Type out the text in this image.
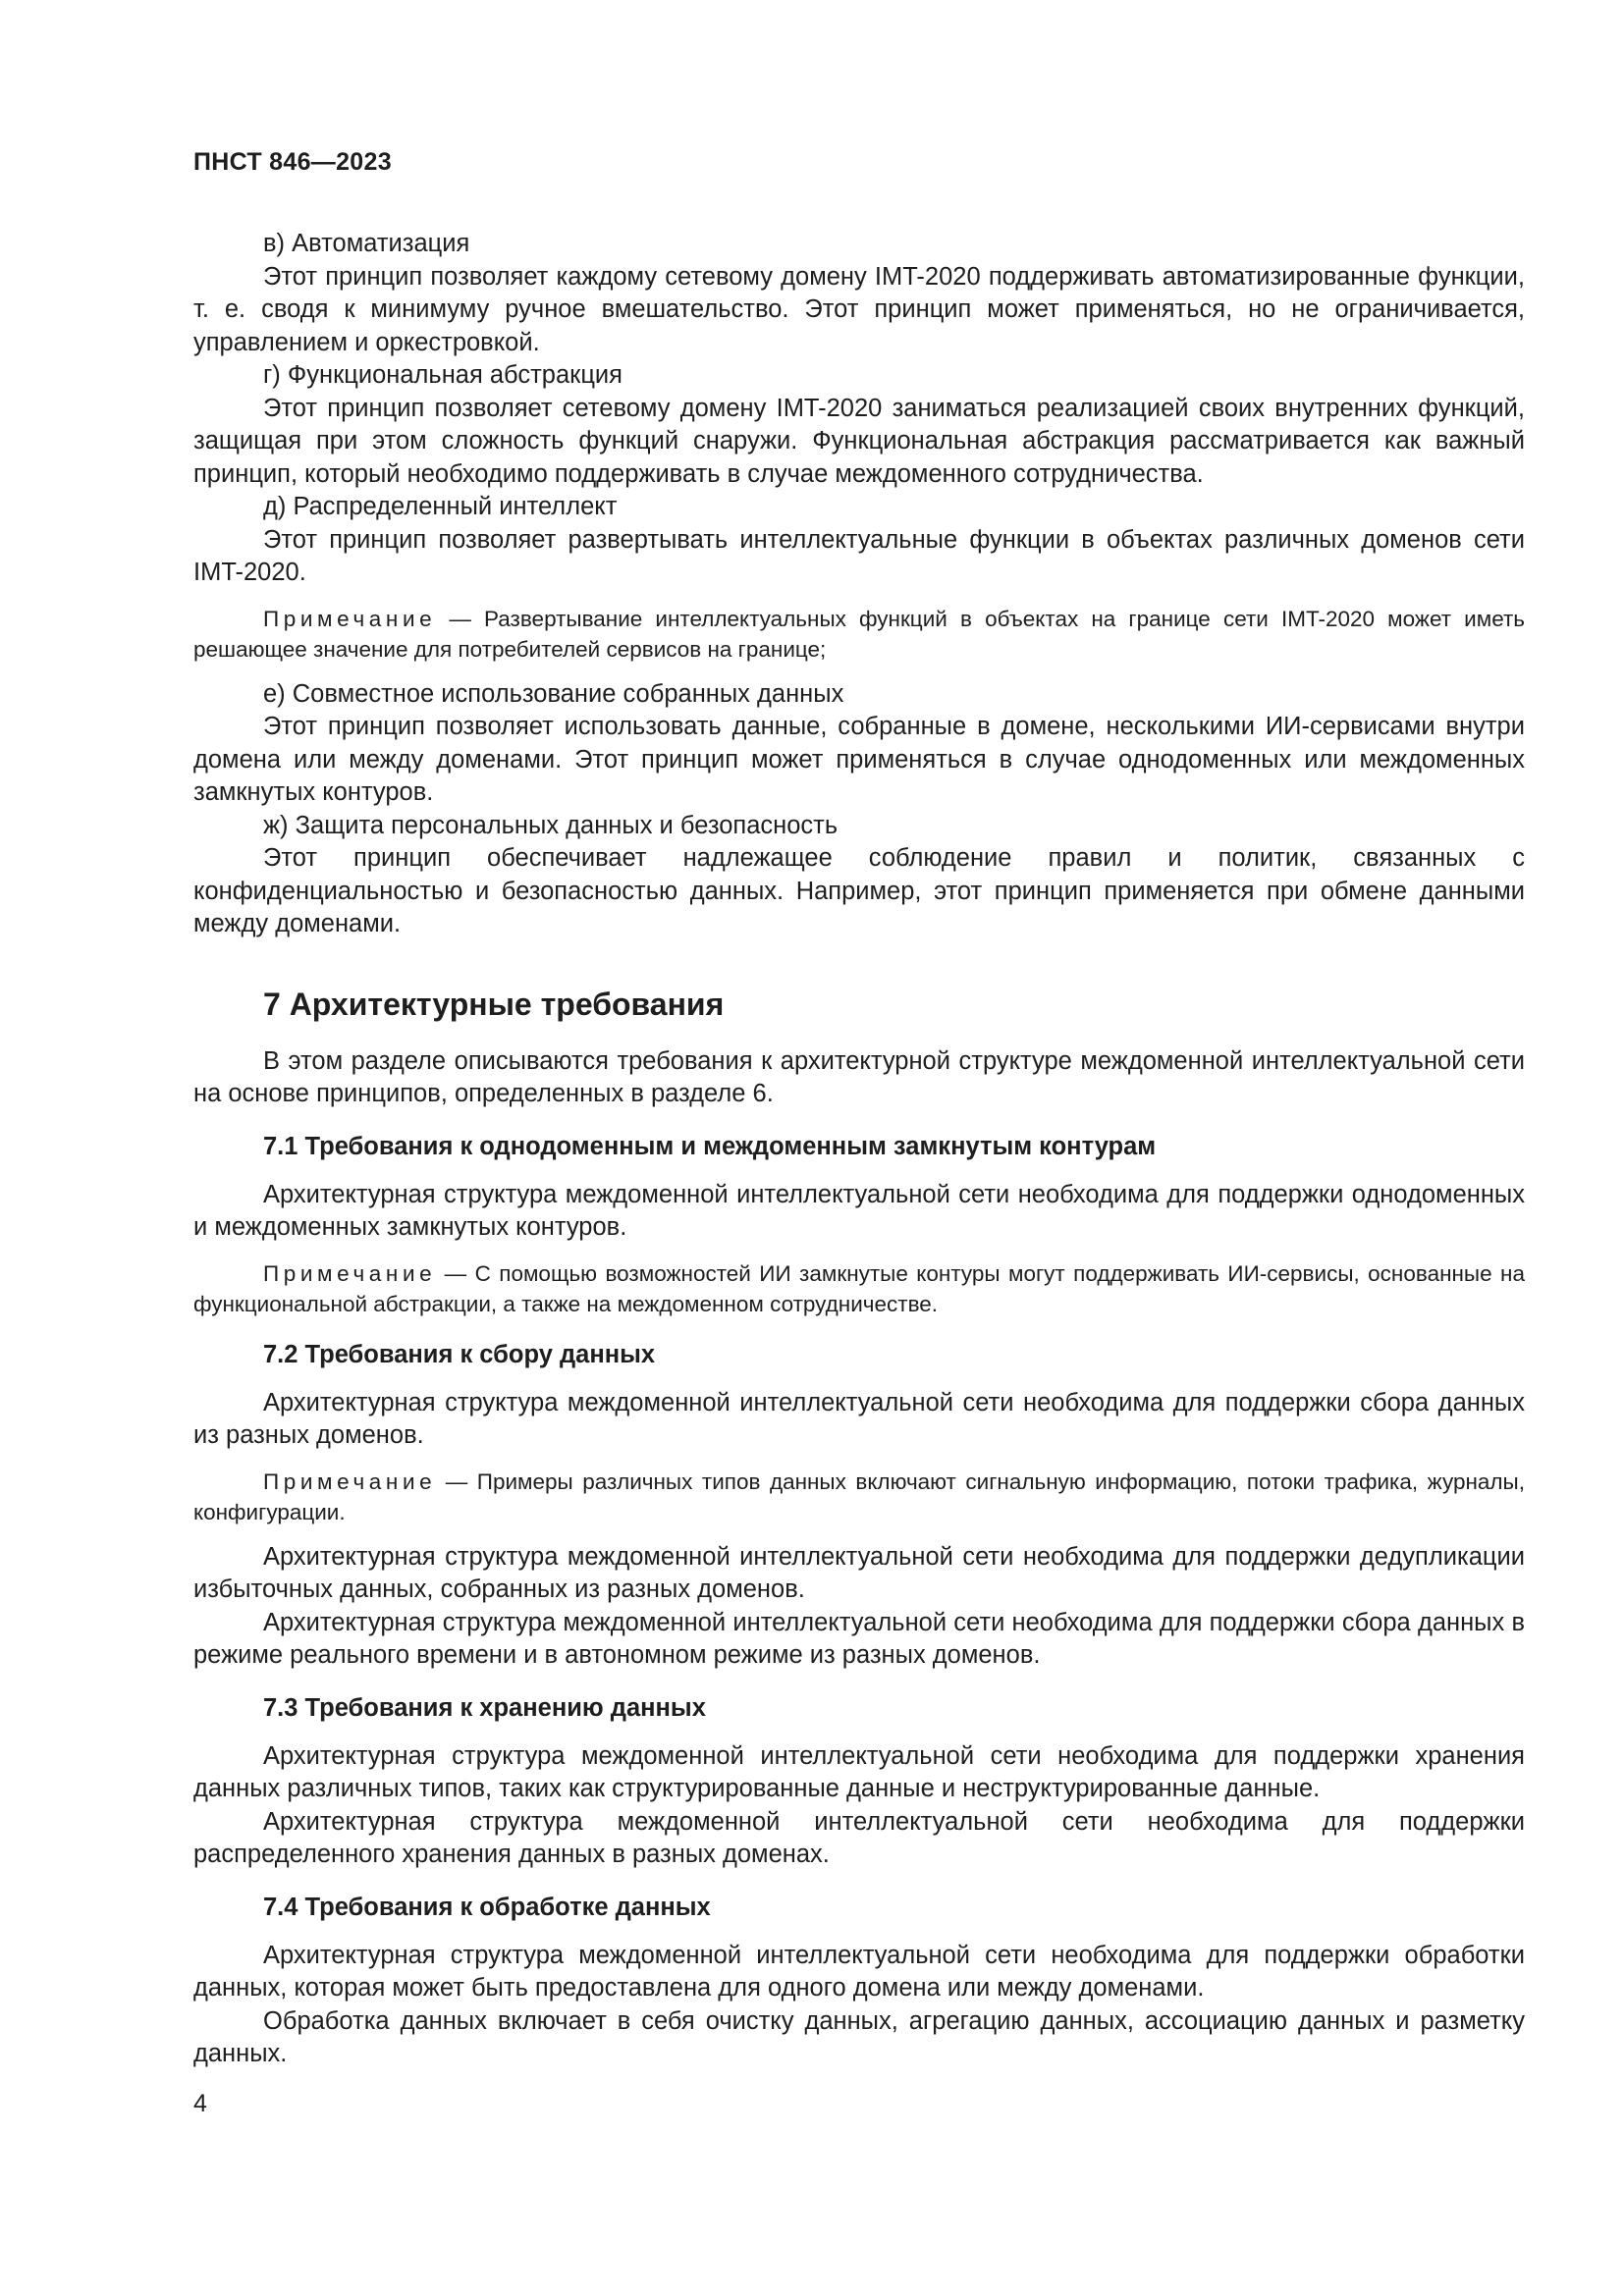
ПНСТ 846—2023

в) Автоматизация

Этот принцип позволяет каждому сетевому домену IMT-2020 поддерживать автоматизированные функции, т. е. сводя к минимуму ручное вмешательство. Этот принцип может применяться, но не ограничивается, управлением и оркестровкой.

г) Функциональная абстракция

Этот принцип позволяет сетевому домену IMT-2020 заниматься реализацией своих внутренних функций, защищая при этом сложность функций снаружи. Функциональная абстракция рассматривается как важный принцип, который необходимо поддерживать в случае междоменного сотрудничества.

д) Распределенный интеллект

Этот принцип позволяет развертывать интеллектуальные функции в объектах различных доменов сети IMT-2020.

Примечание — Развертывание интеллектуальных функций в объектах на границе сети IMT-2020 может иметь решающее значение для потребителей сервисов на границе;

е) Совместное использование собранных данных

Этот принцип позволяет использовать данные, собранные в домене, несколькими ИИ-сервисами внутри домена или между доменами. Этот принцип может применяться в случае однодоменных или междоменных замкнутых контуров.

ж) Защита персональных данных и безопасность

Этот принцип обеспечивает надлежащее соблюдение правил и политик, связанных с конфиденциальностью и безопасностью данных. Например, этот принцип применяется при обмене данными между доменами.

7 Архитектурные требования

В этом разделе описываются требования к архитектурной структуре междоменной интеллектуальной сети на основе принципов, определенных в разделе 6.

7.1 Требования к однодоменным и междоменным замкнутым контурам

Архитектурная структура междоменной интеллектуальной сети необходима для поддержки однодоменных и междоменных замкнутых контуров.

Примечание — С помощью возможностей ИИ замкнутые контуры могут поддерживать ИИ-сервисы, основанные на функциональной абстракции, а также на междоменном сотрудничестве.
7.2 Требования к сбору данных

Архитектурная структура междоменной интеллектуальной сети необходима для поддержки сбора данных из разных доменов.

Примечание — Примеры различных типов данных включают сигнальную информацию, потоки трафика, журналы, конфигурации.

Архитектурная структура междоменной интеллектуальной сети необходима для поддержки дедупликации избыточных данных, собранных из разных доменов.

Архитектурная структура междоменной интеллектуальной сети необходима для поддержки сбора данных в режиме реального времени и в автономном режиме из разных доменов.

7.3 Требования к хранению данных

Архитектурная структура междоменной интеллектуальной сети необходима для поддержки хранения данных различных типов, таких как структурированные данные и неструктурированные данные.

Архитектурная структура междоменной интеллектуальной сети необходима для поддержки распределенного хранения данных в разных доменах.

7.4 Требования к обработке данных

Архитектурная структура междоменной интеллектуальной сети необходима для поддержки обработки данных, которая может быть предоставлена для одного домена или между доменами.

Обработка данных включает в себя очистку данных, агрегацию данных, ассоциацию данных и разметку данных.

4
